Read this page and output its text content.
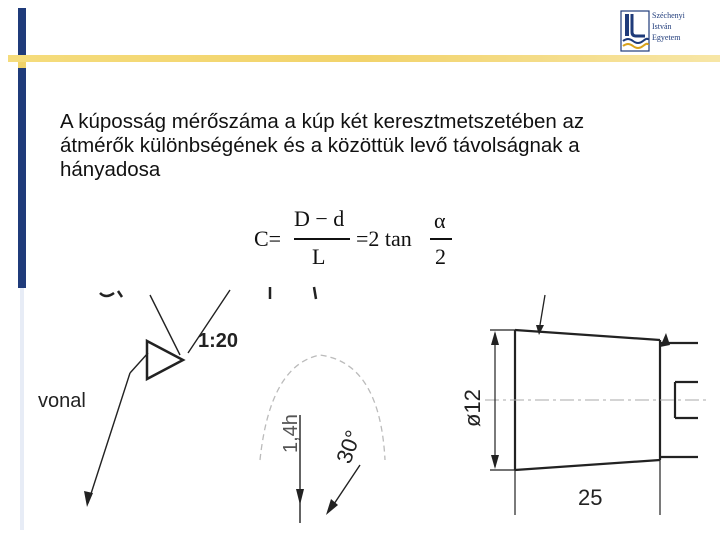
Széchenyi
István
Egyetem
A kúposság mérőszáma a kúp két keresztmetszetében az
átmérők különbségének és a közöttük levő távolságnak a
hányadosa
C=
D − d
L
=2 tan
α
2
vonal
1:20
1,4h 30°
ø12
25
